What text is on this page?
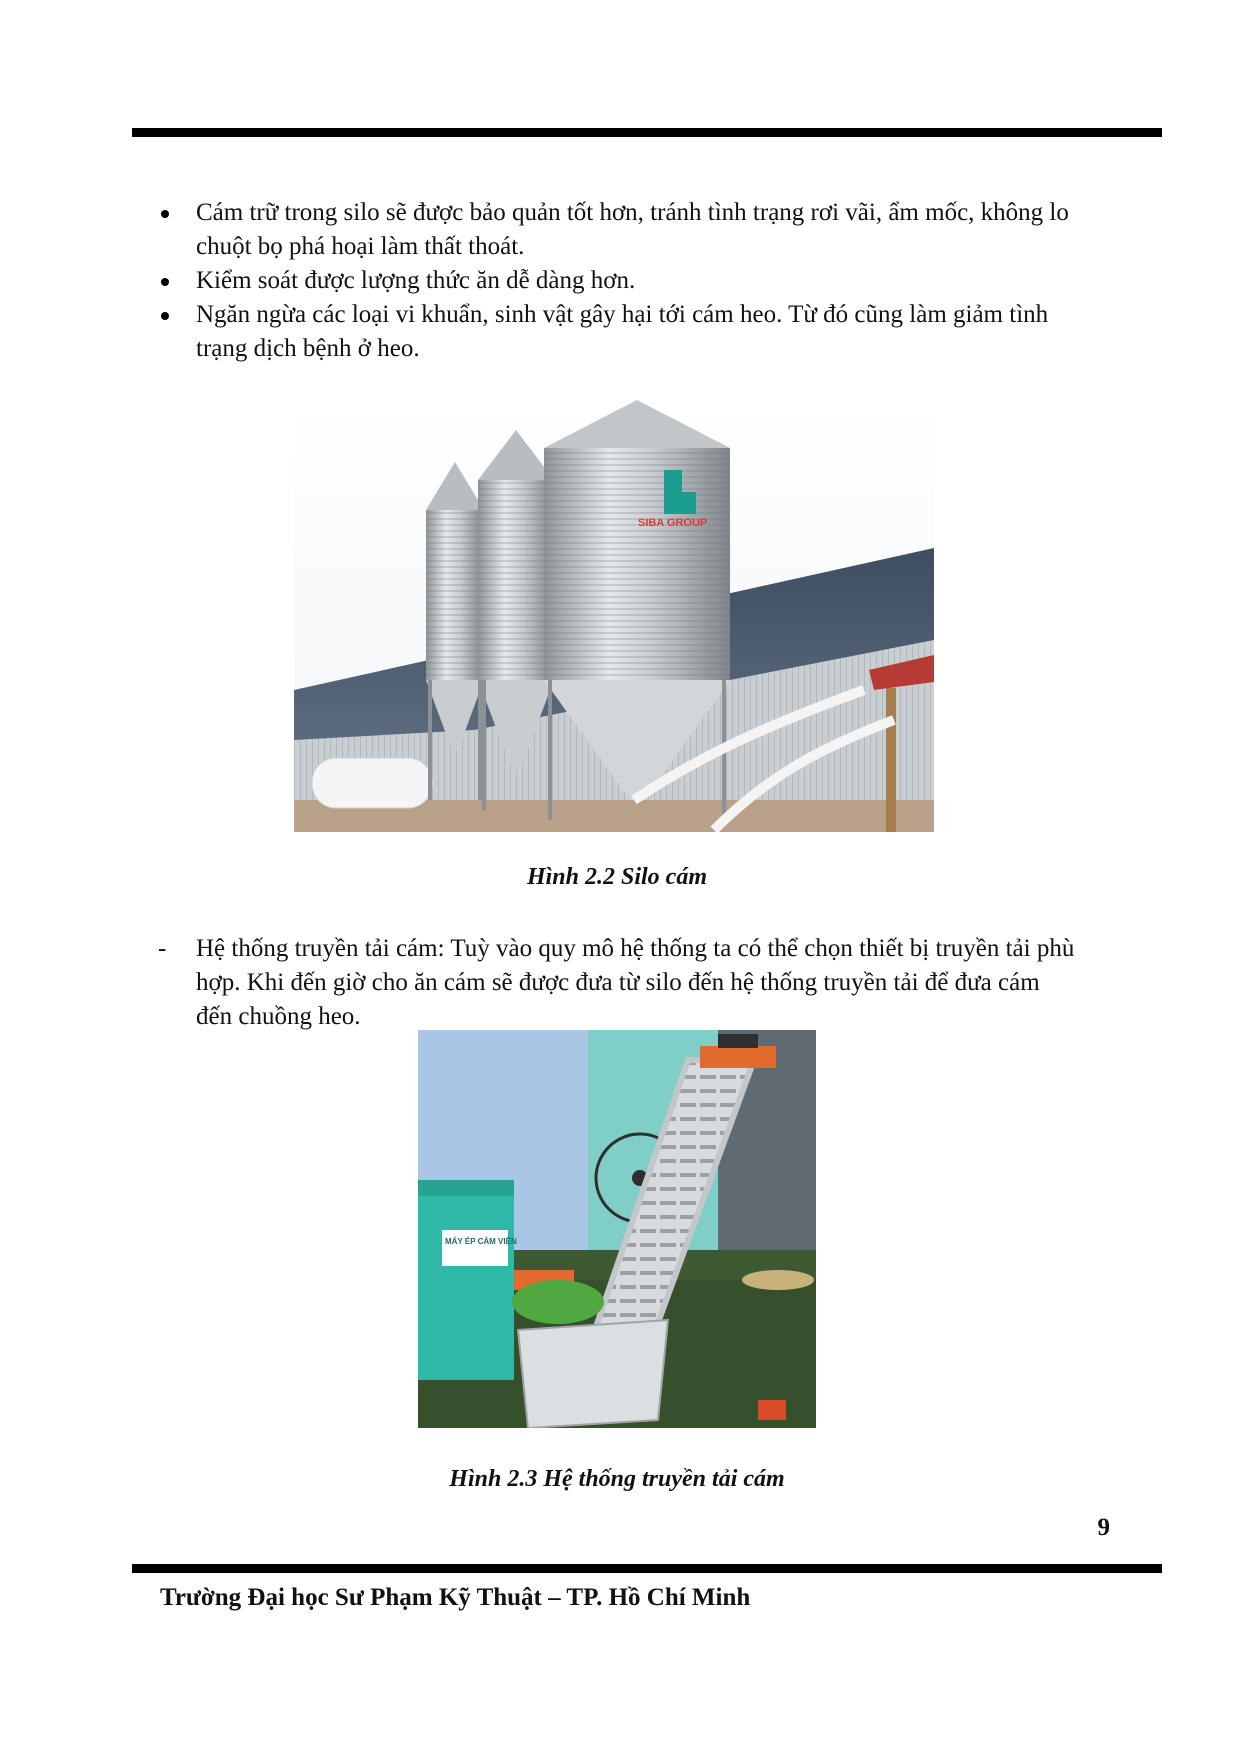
Cám trữ trong silo sẽ được bảo quản tốt hơn, tránh tình trạng rơi vãi, ẩm mốc, không lo chuột bọ phá hoại làm thất thoát.
Kiểm soát được lượng thức ăn dễ dàng hơn.
Ngăn ngừa các loại vi khuẩn, sinh vật gây hại tới cám heo. Từ đó cũng làm giảm tình trạng dịch bệnh ở heo.
SIBA GROUP
Hình 2.2 Silo cám
- Hệ thống truyền tải cám: Tuỳ vào quy mô hệ thống ta có thể chọn thiết bị truyền tải phù hợp. Khi đến giờ cho ăn cám sẽ được đưa từ silo đến hệ thống truyền tải để đưa cám đến chuồng heo.
MÁY ÉP CÁM VIÊN
Hình 2.3 Hệ thống truyền tải cám
9
Trường Đại học Sư Phạm Kỹ Thuật – TP. Hồ Chí Minh
